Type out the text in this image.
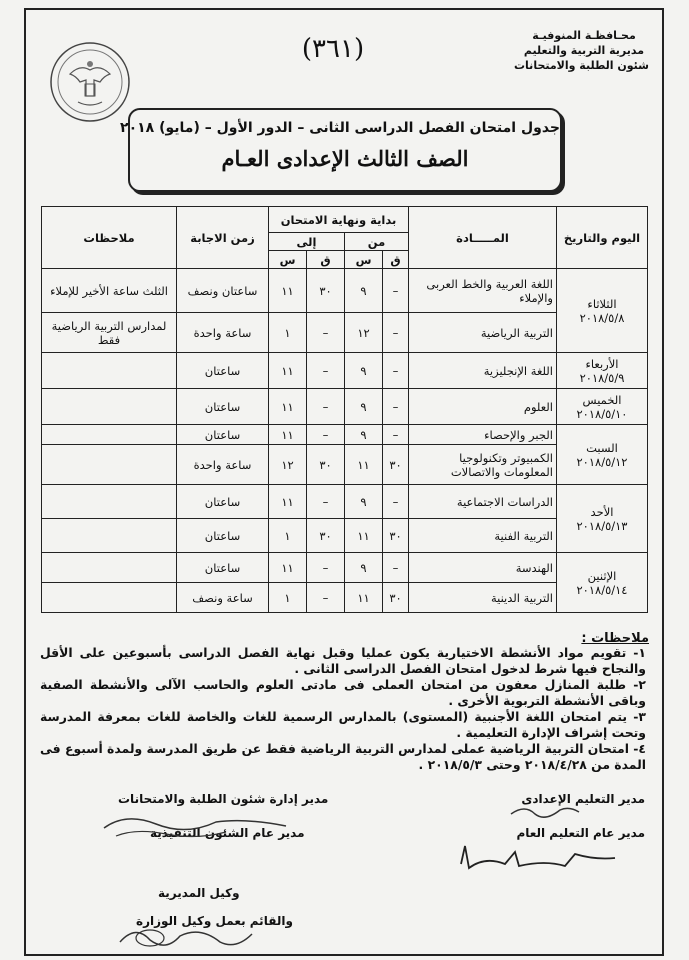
محـافظـة المنوفيـة
مديرية التربية والتعليم
شئون الطلبة والامتحانات
(٣٦١)
جدول امتحان الفصل الدراسى الثانى – الدور الأول – (مايو) ٢٠١٨
الصف الثالث الإعدادى العـام
اليوم والتاريخ	المـــــادة	بداية ونهاية الامتحان				زمن الاجابة	ملاحظات
		من		إلى			
		ق	س	ق	س		

الثلاثاء
٢٠١٨/٥/٨	اللغة العربية والخط العربى والإملاء	–	٩	٣٠	١١	ساعتان ونصف	الثلث ساعة الأخير للإملاء
	التربية الرياضية	–	١٢	–	١	ساعة واحدة	لمدارس التربية الرياضية فقط

الأربعاء
٢٠١٨/٥/٩	اللغة الإنجليزية	–	٩	–	١١	ساعتان	

الخميس
٢٠١٨/٥/١٠	العلوم	–	٩	–	١١	ساعتان	

السبت
٢٠١٨/٥/١٢	الجبر والإحصاء	–	٩	–	١١	ساعتان	
	الكمبيوتر وتكنولوجيا المعلومات والاتصالات	٣٠	١١	٣٠	١٢	ساعة واحدة	

الأحد
٢٠١٨/٥/١٣	الدراسات الاجتماعية	–	٩	–	١١	ساعتان	
	التربية الفنية	٣٠	١١	٣٠	١	ساعتان	

الإثنين
٢٠١٨/٥/١٤	الهندسة	–	٩	–	١١	ساعتان	
	التربية الدينية	٣٠	١١	–	١	ساعة ونصف	
ملاحظات :

١- تقويم مواد الأنشطة الاختيارية يكون عمليا وقبل نهاية الفصل الدراسى بأسبوعين على الأقل والنجاح فيها شرط لدخول امتحان الفصل الدراسى الثانى .

٢- طلبة المنازل معفون من امتحان العملى فى مادتى العلوم والحاسب الآلى والأنشطة الصفية وباقى الأنشطة التربوية الأخرى .

٣- يتم امتحان اللغة الأجنبية (المستوى) بالمدارس الرسمية للغات والخاصة للغات بمعرفة المدرسة وتحت إشراف الإدارة التعليمية .

٤- امتحان التربية الرياضية عملى لمدارس التربية الرياضية فقط عن طريق المدرسة ولمدة أسبوع فى المدة من ٢٠١٨/٤/٢٨ وحتى ٢٠١٨/٥/٣ .

مدير التعليم الإعدادى
مدير عام التعليم العام
مدير إدارة شئون الطلبة والامتحانات
مدير عام الشئون التنفيذية
وكيل المديرية
والقائم بعمل وكيل الوزارة
